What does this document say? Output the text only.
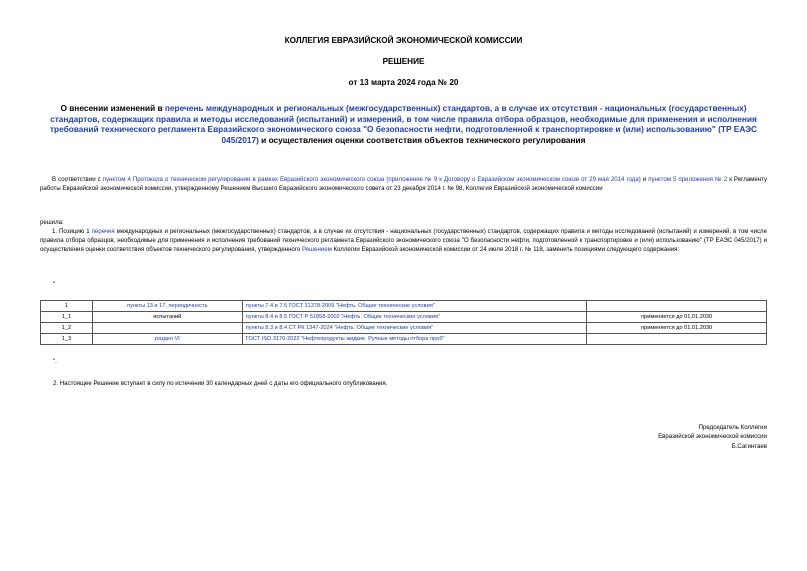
КОЛЛЕГИЯ ЕВРАЗИЙСКОЙ ЭКОНОМИЧЕСКОЙ КОМИССИИ
РЕШЕНИЕ
от 13 марта 2024 года № 20
О внесении изменений в перечень международных и региональных (межгосударственных) стандартов, а в случае их отсутствия - национальных (государственных) стандартов, содержащих правила и методы исследований (испытаний) и измерений, в том числе правила отбора образцов, необходимые для применения и исполнения требований технического регламента Евразийского экономического союза "О безопасности нефти, подготовленной к транспортировке и (или) использованию" (ТР ЕАЭС 045/2017) и осуществления оценки соответствия объектов технического регулирования
В соответствии с пунктом 4 Протокола о техническом регулировании в рамках Евразийского экономического союза (приложение № 9 к Договору о Евразийском экономическом союзе от 29 мая 2014 года) и пунктом 5 приложения № 2 к Регламенту работы Евразийской экономической комиссии, утвержденному Решением Высшего Евразийского экономического совета от 23 декабря 2014 г. № 98, Коллегия Евразийской экономической комиссии
решила:
1. Позицию 1 перечня международных и региональных (межгосударственных) стандартов, а в случае их отсутствия - национальных (государственных) стандартов, содержащих правила и методы исследований (испытаний) и измерений, в том числе правила отбора образцов, необходимые для применения и исполнения требований технического регламента Евразийского экономического союза "О безопасности нефти, подготовленной к транспортировке и (или) использованию" (ТР ЕАЭС 045/2017) и осуществления оценки соответствия объектов технического регулирования, утвержденного Решением Коллегии Евразийской экономической комиссии от 24 июля 2018 г. № 118, заменить позициями следующего содержания:
"
1	пункты 13 и 17, периодичность	пункты 7.4 и 7.5 ГОСТ 31378-2009 "Нефть. Общие технические условия"	
1_1	испытаний	пункты 8.4 и 8.5 ГОСТ Р 51858-2002 "Нефть. Общие технические условия"	применяется до 01.01.2030
1_2		пункты 8.3 и 8.4 СТ РК 1347-2024 "Нефть. Общие технические условия"	применяется до 01.01.2030
1_3	раздел VI	ГОСТ ISO 3170-2022 "Нефтепродукты жидкие. Ручные методы отбора проб"	
".
2. Настоящее Решение вступает в силу по истечении 30 календарных дней с даты его официального опубликования.
Председатель Коллегии
Евразийской экономической комиссии
Б.Сагинтаев
